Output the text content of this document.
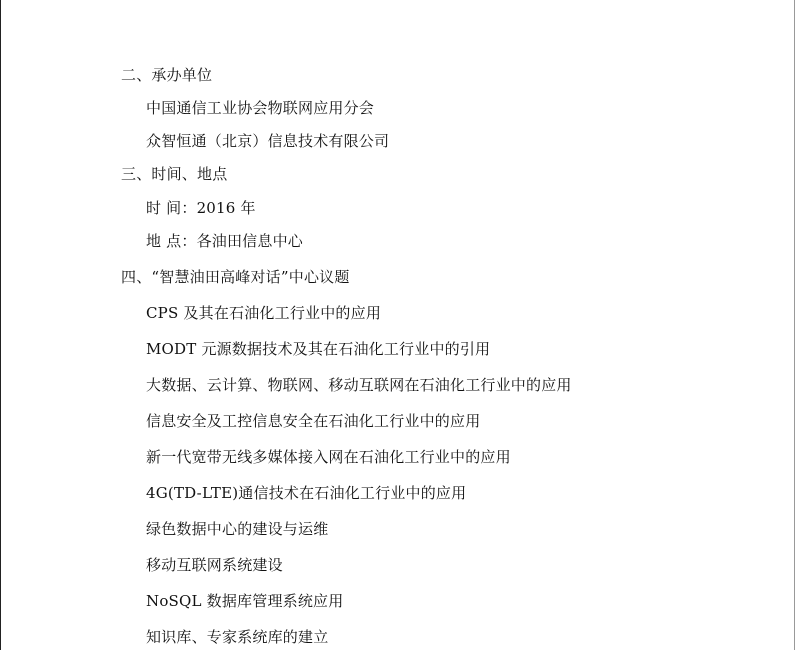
二、承办单位
中国通信工业协会物联网应用分会
众智恒通（北京）信息技术有限公司
三、时间、地点
时 间：2016 年
地 点：各油田信息中心
四、“智慧油田高峰对话”中心议题
CPS 及其在石油化工行业中的应用
MODT 元源数据技术及其在石油化工行业中的引用
大数据、云计算、物联网、移动互联网在石油化工行业中的应用
信息安全及工控信息安全在石油化工行业中的应用
新一代宽带无线多媒体接入网在石油化工行业中的应用
4G(TD-LTE)通信技术在石油化工行业中的应用
绿色数据中心的建设与运维
移动互联网系统建设
NoSQL 数据库管理系统应用
知识库、专家系统库的建立
